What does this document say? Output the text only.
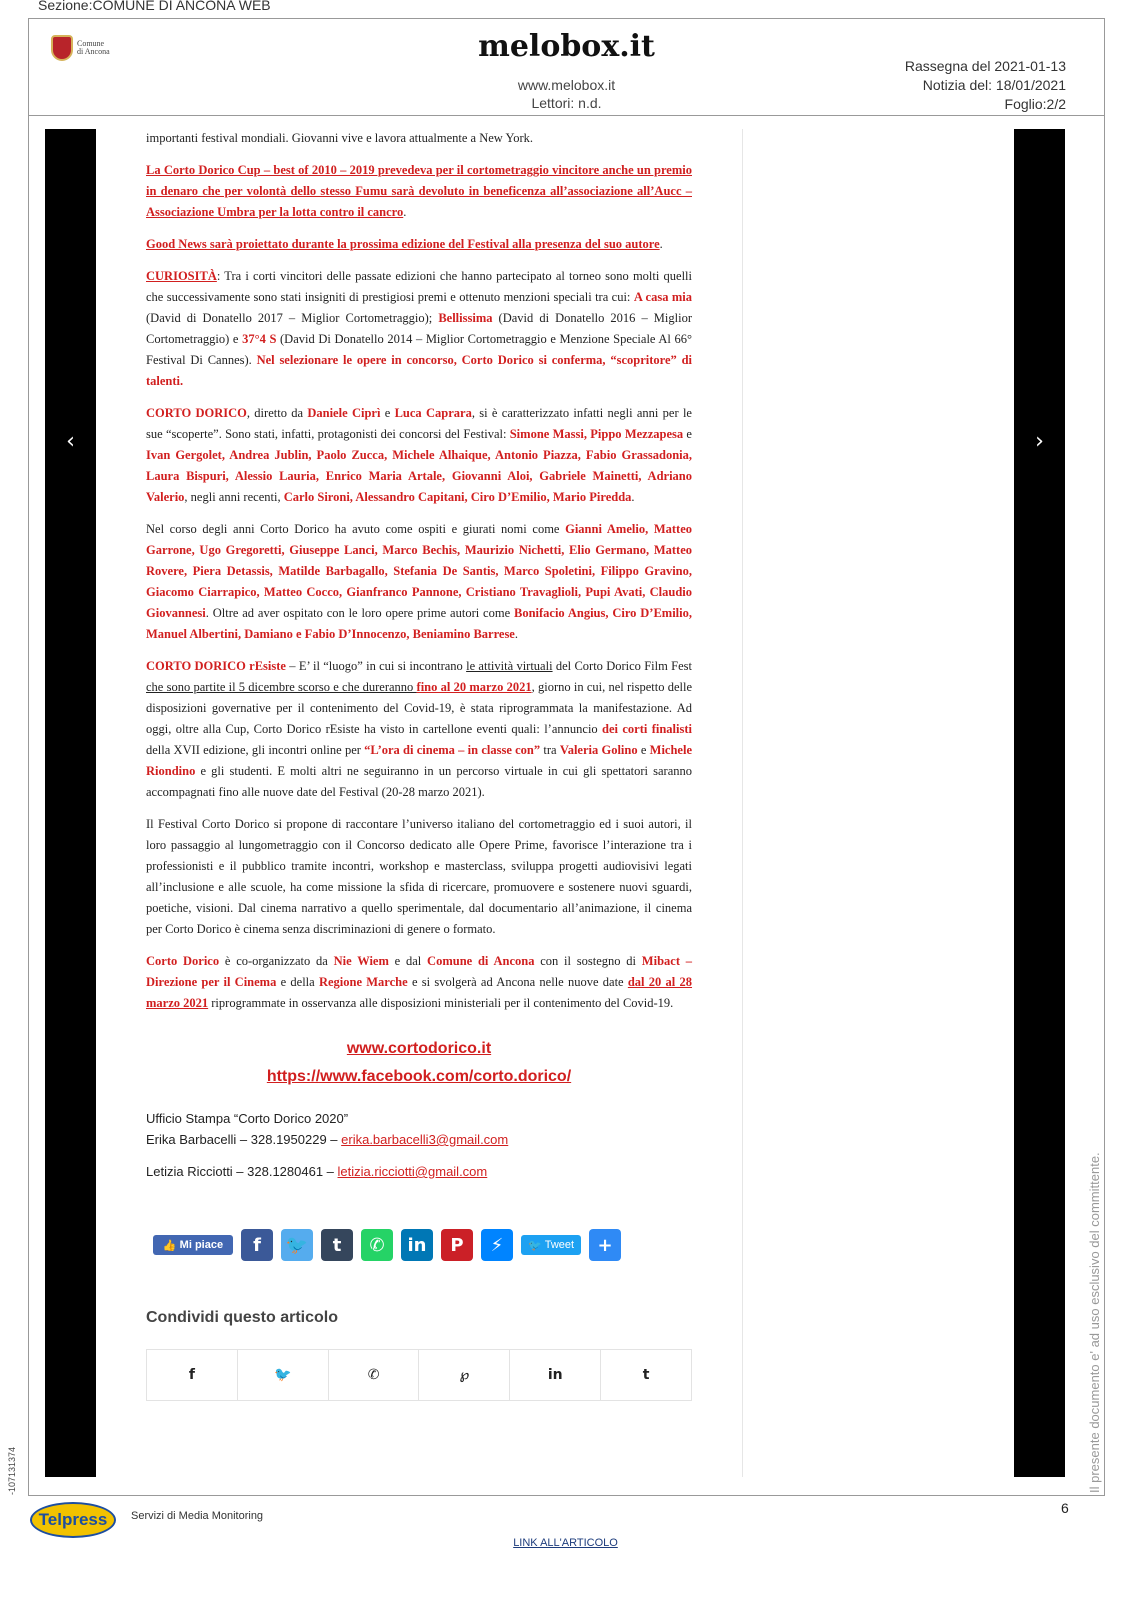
Sezione:COMUNE DI ANCONA WEB
Comune
di Ancona	melobox.it
www.melobox.it
Lettori: n.d.
Rassegna del 2021-01-13
Notizia del: 18/01/2021
Foglio:2/2
‹	›

importanti festival mondiali. Giovanni vive e lavora attualmente a New York.

La Corto Dorico Cup – best of 2010 – 2019 prevedeva per il cortometraggio vincitore anche un premio in denaro che per volontà dello stesso Fumu sarà devoluto in beneficenza all’associazione all’Aucc – Associazione Umbra per la lotta contro il cancro.

Good News sarà proiettato durante la prossima edizione del Festival alla presenza del suo autore.

CURIOSITÀ: Tra i corti vincitori delle passate edizioni che hanno partecipato al torneo sono molti quelli che successivamente sono stati insigniti di prestigiosi premi e ottenuto menzioni speciali tra cui: A casa mia (David di Donatello 2017 – Miglior Cortometraggio); Bellissima (David di Donatello 2016 – Miglior Cortometraggio) e 37°4 S (David Di Donatello 2014 – Miglior Cortometraggio e Menzione Speciale Al 66° Festival Di Cannes). Nel selezionare le opere in concorso, Corto Dorico si conferma, “scopritore” di talenti.

CORTO DORICO, diretto da Daniele Ciprì e Luca Caprara, si è caratterizzato infatti negli anni per le sue “scoperte”. Sono stati, infatti, protagonisti dei concorsi del Festival: Simone Massi, Pippo Mezzapesa e Ivan Gergolet, Andrea Jublin, Paolo Zucca, Michele Alhaique, Antonio Piazza, Fabio Grassadonia, Laura Bispuri, Alessio Lauria, Enrico Maria Artale, Giovanni Aloi, Gabriele Mainetti, Adriano Valerio, negli anni recenti, Carlo Sironi, Alessandro Capitani, Ciro D’Emilio, Mario Piredda.

Nel corso degli anni Corto Dorico ha avuto come ospiti e giurati nomi come Gianni Amelio, Matteo Garrone, Ugo Gregoretti, Giuseppe Lanci, Marco Bechis, Maurizio Nichetti, Elio Germano, Matteo Rovere, Piera Detassis, Matilde Barbagallo, Stefania De Santis, Marco Spoletini, Filippo Gravino, Giacomo Ciarrapico, Matteo Cocco, Gianfranco Pannone, Cristiano Travaglioli, Pupi Avati, Claudio Giovannesi. Oltre ad aver ospitato con le loro opere prime autori come Bonifacio Angius, Ciro D’Emilio, Manuel Albertini, Damiano e Fabio D’Innocenzo, Beniamino Barrese.

CORTO DORICO rEsiste – E’ il “luogo” in cui si incontrano le attività virtuali del Corto Dorico Film Fest che sono partite il 5 dicembre scorso e che dureranno fino al 20 marzo 2021, giorno in cui, nel rispetto delle disposizioni governative per il contenimento del Covid-19, è stata riprogrammata la manifestazione. Ad oggi, oltre alla Cup, Corto Dorico rEsiste ha visto in cartellone eventi quali: l’annuncio dei corti finalisti della XVII edizione, gli incontri online per “L’ora di cinema – in classe con” tra Valeria Golino e Michele Riondino e gli studenti. E molti altri ne seguiranno in un percorso virtuale in cui gli spettatori saranno accompagnati fino alle nuove date del Festival (20-28 marzo 2021).

Il Festival Corto Dorico si propone di raccontare l’universo italiano del cortometraggio ed i suoi autori, il loro passaggio al lungometraggio con il Concorso dedicato alle Opere Prime, favorisce l’interazione tra i professionisti e il pubblico tramite incontri, workshop e masterclass, sviluppa progetti audiovisivi legati all’inclusione e alle scuole, ha come missione la sfida di ricercare, promuovere e sostenere nuovi sguardi, poetiche, visioni. Dal cinema narrativo a quello sperimentale, dal documentario all’animazione, il cinema per Corto Dorico è cinema senza discriminazioni di genere o formato.

Corto Dorico è co-organizzato da Nie Wiem e dal Comune di Ancona con il sostegno di Mibact – Direzione per il Cinema e della Regione Marche e si svolgerà ad Ancona nelle nuove date dal 20 al 28 marzo 2021 riprogrammate in osservanza alle disposizioni ministeriali per il contenimento del Covid-19.

www.cortodorico.it
https://www.facebook.com/corto.dorico/
Ufficio Stampa “Corto Dorico 2020”
Erika Barbacelli – 328.1950229 – erika.barbacelli3@gmail.com
Letizia Ricciotti – 328.1280461 – letizia.ricciotti@gmail.com
👍 Mi piace	f	🐦	t	✆	in	P	⚡	🐦 Tweet	+
Condividi questo articolo
f	🐦	✆	℘	in	t
-107131374	Il presente documento e' ad uso esclusivo del committente.
Telpress	Servizi di Media Monitoring	6
LINK ALL'ARTICOLO
